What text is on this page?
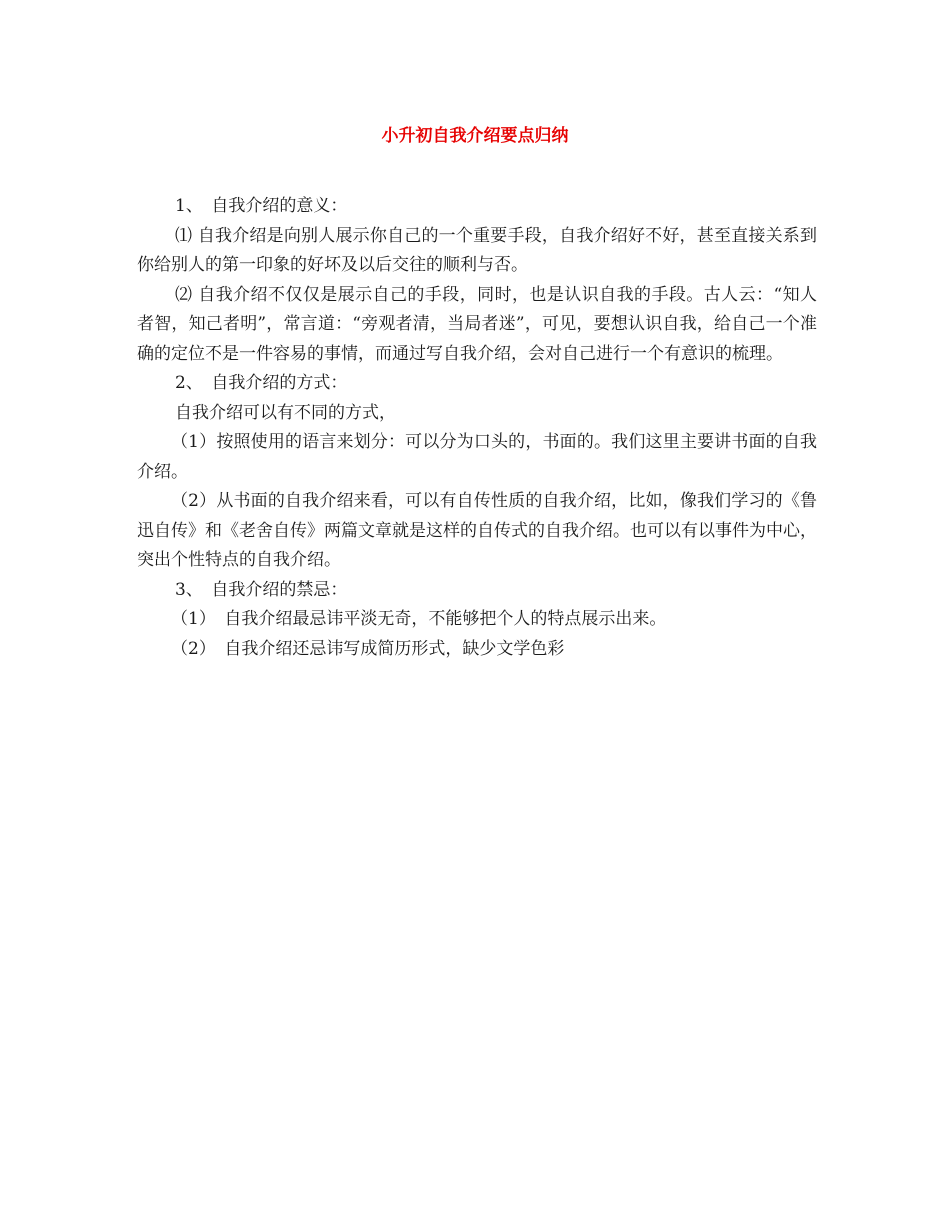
小升初自我介绍要点归纳

1、　自我介绍的意义：

⑴ 自我介绍是向别人展示你自己的一个重要手段，自我介绍好不好，甚至直接关系到你给别人的第一印象的好坏及以后交往的顺利与否。

⑵ 自我介绍不仅仅是展示自己的手段，同时，也是认识自我的手段。古人云：“知人者智，知己者明”，常言道：“旁观者清，当局者迷”，可见，要想认识自我，给自己一个准确的定位不是一件容易的事情，而通过写自我介绍，会对自己进行一个有意识的梳理。

2、　自我介绍的方式：

自我介绍可以有不同的方式，

（1）按照使用的语言来划分：可以分为口头的，书面的。我们这里主要讲书面的自我介绍。

（2）从书面的自我介绍来看，可以有自传性质的自我介绍，比如，像我们学习的《鲁迅自传》和《老舍自传》两篇文章就是这样的自传式的自我介绍。也可以有以事件为中心，突出个性特点的自我介绍。

3、　自我介绍的禁忌：

（1）　自我介绍最忌讳平淡无奇，不能够把个人的特点展示出来。

（2）　自我介绍还忌讳写成简历形式，缺少文学色彩
